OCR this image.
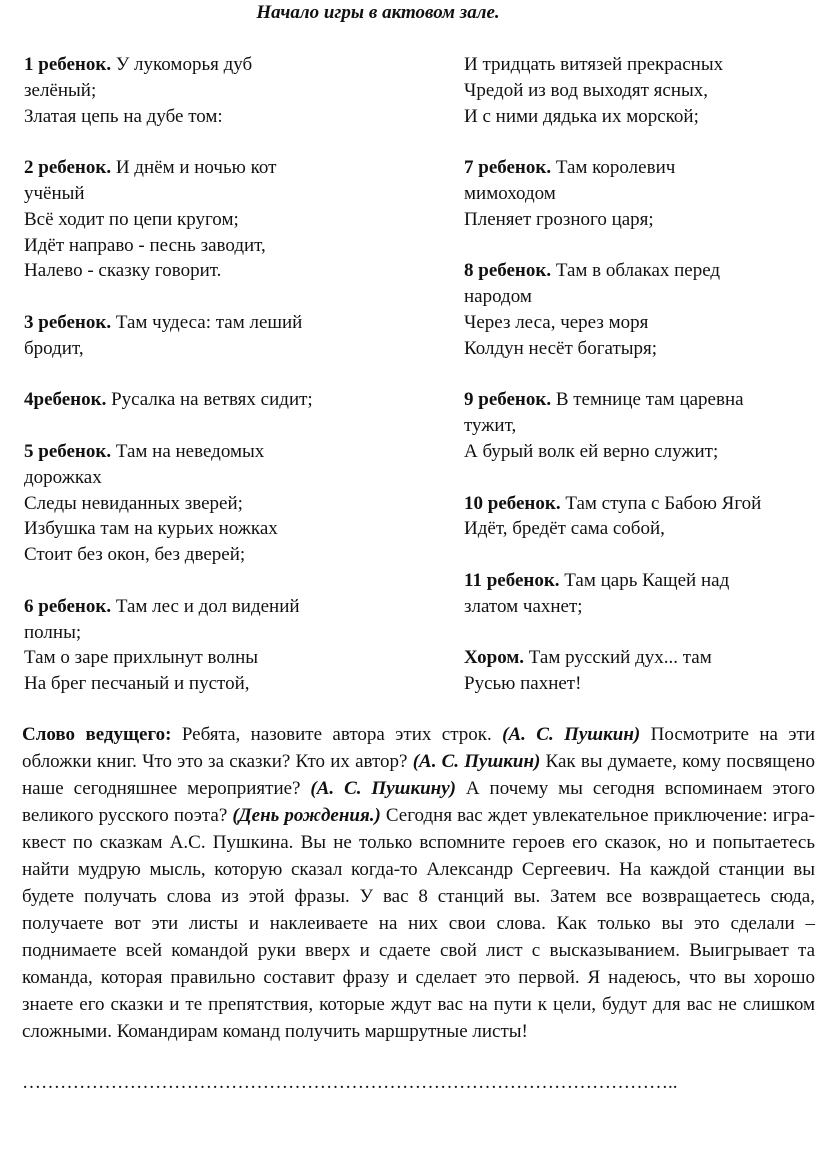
Начало игры в актовом зале.
1 ребенок. У лукоморья дуб
зелёный;
Златая цепь на дубе том:
2 ребенок. И днём и ночью кот
учёный
Всё ходит по цепи кругом;
Идёт направо - песнь заводит,
Налево - сказку говорит.
3 ребенок. Там чудеса: там леший
бродит,
4ребенок. Русалка на ветвях сидит;
5 ребенок. Там на неведомых
дорожках
Следы невиданных зверей;
Избушка там на курьих ножках
Стоит без окон, без дверей;
6 ребенок. Там лес и дол видений
полны;
Там о заре прихлынут волны
На брег песчаный и пустой,
И тридцать витязей прекрасных
Чредой из вод выходят ясных,
И с ними дядька их морской;
7 ребенок. Там королевич
мимоходом
Пленяет грозного царя;
8 ребенок. Там в облаках перед
народом
Через леса, через моря
Колдун несёт богатыря;
9 ребенок. В темнице там царевна
тужит,
А бурый волк ей верно служит;
10 ребенок. Там ступа с Бабою Ягой
Идёт, бредёт сама собой,
11 ребенок. Там царь Кащей над
златом чахнет;
Хором. Там русский дух... там
Русью пахнет!

Слово ведущего: Ребята, назовите автора этих строк. (А. С. Пушкин) Посмотрите на эти обложки книг. Что это за сказки? Кто их автор? (А. С. Пушкин) Как вы думаете, кому посвящено наше сегодняшнее мероприятие? (А. С. Пушкину) А почему мы сегодня вспоминаем этого великого русского поэта? (День рождения.) Сегодня вас ждет увлекательное приключение: игра-квест по сказкам А.С. Пушкина. Вы не только вспомните героев его сказок, но и попытаетесь найти мудрую мысль, которую сказал когда-то Александр Сергеевич. На каждой станции вы будете получать слова из этой фразы. У вас 8 станций вы. Затем все возвращаетесь сюда, получаете вот эти листы и наклеиваете на них свои слова. Как только вы это сделали – поднимаете всей командой руки вверх и сдаете свой лист с высказыванием. Выигрывает та команда, которая правильно составит фразу и сделает это первой. Я надеюсь, что вы хорошо знаете его сказки и те препятствия, которые ждут вас на пути к цели, будут для вас не слишком сложными. Командирам команд получить маршрутные листы!

…………………………………………………………………………………………..
